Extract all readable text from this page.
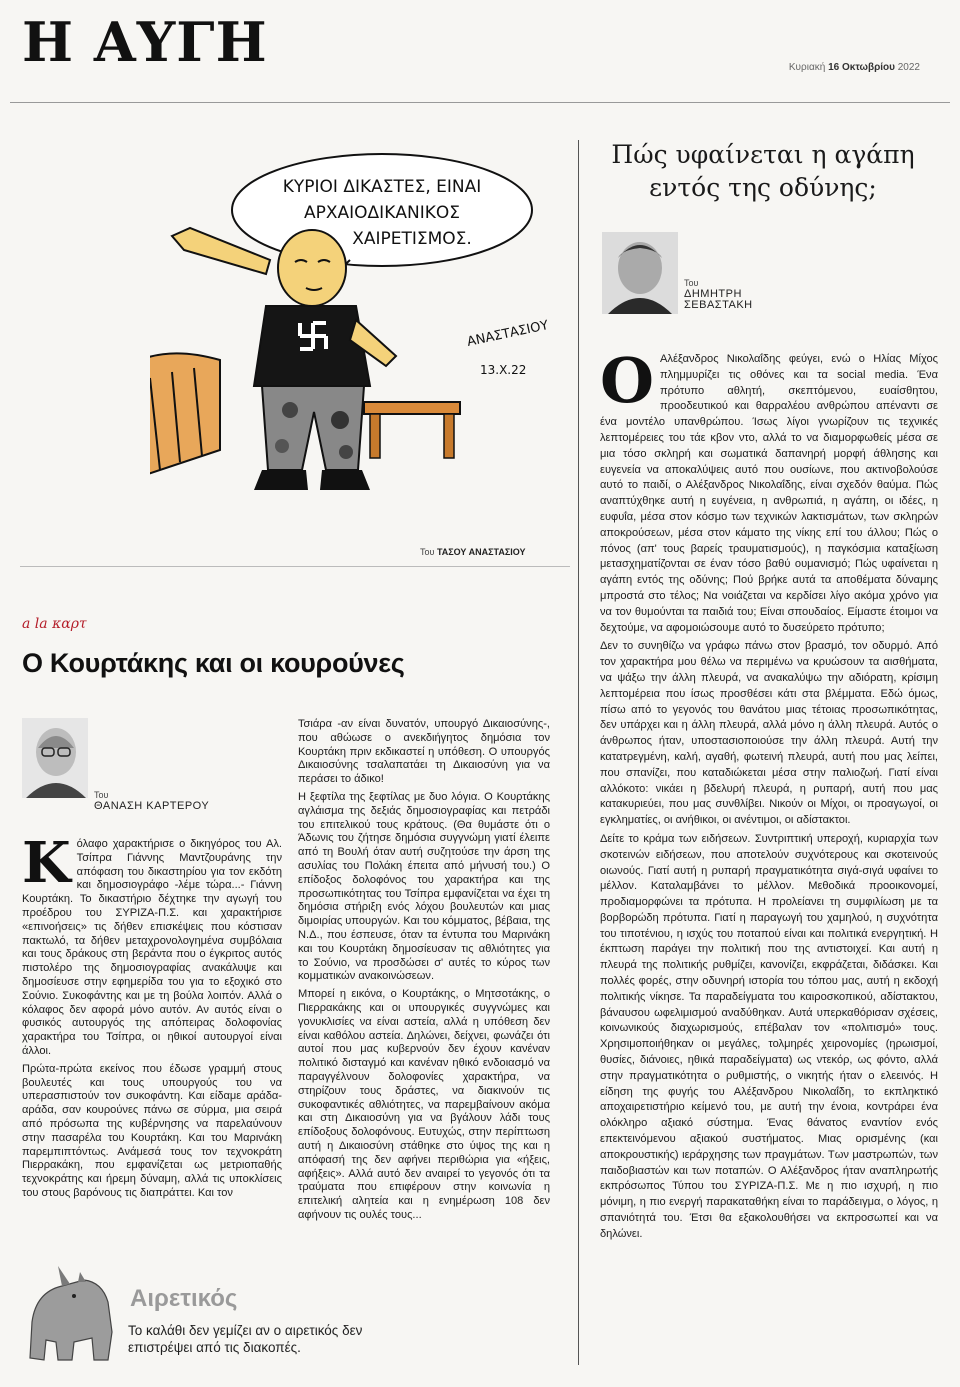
Η ΑΥΓΗ	Κυριακή 16 Οκτωβρίου 2022
ΚΥΡΙΟΙ ΔΙΚΑΣΤΕΣ, ΕΙΝΑΙ
ΑΡΧΑΙΟΔΙΚΑΝΙΚΟΣ
ΧΑΙΡΕΤΙΣΜΟΣ.
ΑΝΑΣΤΑΣΙΟΥ
13.X.22
Του ΤΑΣΟΥ ΑΝΑΣΤΑΣΙΟΥ
a la καρτ
Ο Κουρτάκης και οι κουρούνες
Του
ΘΑΝΑΣΗ ΚΑΡΤΕΡΟΥ

Κόλαφο χαρακτήρισε ο δικηγόρος του Αλ. Τσίπρα Γιάννης Μαντζουράνης την απόφαση του δικαστηρίου για τον εκδότη και δημοσιογράφο -λέμε τώρα...- Γιάννη Κουρτάκη. Το δικαστήριο δέχτηκε την αγωγή του προέδρου του ΣΥΡΙΖΑ-Π.Σ. και χαρακτήρισε «επινοήσεις» τις δήθεν επισκέψεις που κόστισαν πακτωλό, τα δήθεν μεταχρονολογημένα συμβόλαια και τους δράκους στη βεράντα που ο έγκριτος αυτός πιστολέρο της δημοσιογραφίας ανακάλυψε και δημοσίευσε στην εφημερίδα του για το εξοχικό στο Σούνιο. Συκοφάντης και με τη βούλα λοιπόν. Αλλά ο κόλαφος δεν αφορά μόνο αυτόν. Αν αυτός είναι ο φυσικός αυτουργός της απόπειρας δολοφονίας χαρακτήρα του Τσίπρα, οι ηθικοί αυτουργοί είναι άλλοι.

Πρώτα-πρώτα εκείνος που έδωσε γραμμή στους βουλευτές και τους υπουργούς του να υπερασπιστούν τον συκοφάντη. Και είδαμε αράδα-αράδα, σαν κουρούνες πάνω σε σύρμα, μια σειρά από πρόσωπα της κυβέρνησης να παρελαύνουν στην πασαρέλα του Κουρτάκη. Και του Μαρινάκη παρεμπιπτόντως. Ανάμεσά τους τον τεχνοκράτη Πιερρακάκη, που εμφανίζεται ως μετριοπαθής τεχνοκράτης και ήρεμη δύναμη, αλλά τις υποκλίσεις του στους βαρόνους τις διαπράττει. Και τον

Τσιάρα -αν είναι δυνατόν, υπουργό Δικαιοσύνης-, που αθώωσε ο ανεκδιήγητος δημόσια τον Κουρτάκη πριν εκδικαστεί η υπόθεση. Ο υπουργός Δικαιοσύνης τσαλαπατάει τη Δικαιοσύνη για να περάσει το άδικο!

Η ξεφτίλα της ξεφτίλας με δυο λόγια. Ο Κουρτάκης αγλάισμα της δεξιάς δημοσιογραφίας και πετράδι του επιτελικού τους κράτους. (Θα θυμάστε ότι ο Άδωνις του ζήτησε δημόσια συγγνώμη γιατί έλειπε από τη Βουλή όταν αυτή συζητούσε την άρση της ασυλίας του Πολάκη έπειτα από μήνυσή του.) Ο επίδοξος δολοφόνος του χαρακτήρα και της προσωπικότητας του Τσίπρα εμφανίζεται να έχει τη δημόσια στήριξη ενός λόχου βουλευτών και μιας διμοιρίας υπουργών. Και του κόμματος, βέβαια, της Ν.Δ., που έσπευσε, όταν τα έντυπα του Μαρινάκη και του Κουρτάκη δημοσίευσαν τις αθλιότητες για το Σούνιο, να προσδώσει σ' αυτές το κύρος των κομματικών ανακοινώσεων.

Μπορεί η εικόνα, ο Κουρτάκης, ο Μητσοτάκης, ο Πιερρακάκης και οι υπουργικές συγγνώμες και γονυκλισίες να είναι αστεία, αλλά η υπόθεση δεν είναι καθόλου αστεία. Δηλώνει, δείχνει, φωνάζει ότι αυτοί που μας κυβερνούν δεν έχουν κανέναν πολιτικό δισταγμό και κανέναν ηθικό ενδοιασμό να παραγγέλνουν δολοφονίες χαρακτήρα, να στηρίζουν τους δράστες, να διακινούν τις συκοφαντικές αθλιότητες, να παρεμβαίνουν ακόμα και στη Δικαιοσύνη για να βγάλουν λάδι τους επίδοξους δολοφόνους. Ευτυχώς, στην περίπτωση αυτή η Δικαιοσύνη στάθηκε στο ύψος της και η απόφασή της δεν αφήνει περιθώρια για «ήξεις, αφήξεις». Αλλά αυτό δεν αναιρεί το γεγονός ότι τα τραύματα που επιφέρουν στην κοινωνία η επιτελική αλητεία και η ενημέρωση 108 δεν αφήνουν τις ουλές τους...

Αιρετικός
Το καλάθι δεν γεμίζει αν ο αιρετικός δεν επιστρέψει από τις διακοπές.
Πώς υφαίνεται η αγάπη εντός της οδύνης;
Του
ΔΗΜΗΤΡΗ
ΣΕΒΑΣΤΑΚΗ

Ο Αλέξανδρος Νικολαΐδης φεύγει, ενώ ο Ηλίας Μίχος πλημμυρίζει τις οθόνες και τα social media. Ένα πρότυπο αθλητή, σκεπτόμενου, ευαίσθητου, προοδευτικού και θαρραλέου ανθρώπου απέναντι σε ένα μοντέλο υπανθρώπου. Ίσως λίγοι γνωρίζουν τις τεχνικές λεπτομέρειες του τάε κβον ντο, αλλά το να διαμορφωθείς μέσα σε μια τόσο σκληρή και σωματικά δαπανηρή μορφή άθλησης και ευγενεία να αποκαλύψεις αυτό που ουσίωνε, που ακτινοβολούσε αυτό το παιδί, ο Αλέξανδρος Νικολαΐδης, είναι σχεδόν θαύμα. Πώς αναπτύχθηκε αυτή η ευγένεια, η ανθρωπιά, η αγάπη, οι ιδέες, η ευφυΐα, μέσα στον κόσμο των τεχνικών λακτισμάτων, των σκληρών αποκρούσεων, μέσα στον κάματο της νίκης επί του άλλου; Πώς ο πόνος (απ' τους βαρείς τραυματισμούς), η παγκόσμια καταξίωση μετασχηματίζονται σε έναν τόσο βαθύ ουμανισμό; Πώς υφαίνεται η αγάπη εντός της οδύνης; Πού βρήκε αυτά τα αποθέματα δύναμης μπροστά στο τέλος; Να νοιάζεται να κερδίσει λίγο ακόμα χρόνο για να τον θυμούνται τα παιδιά του; Είναι σπουδαίος. Είμαστε έτοιμοι να δεχτούμε, να αφομοιώσουμε αυτό το δυσεύρετο πρότυπο;

Δεν το συνηθίζω να γράφω πάνω στον βρασμό, τον οδυρμό. Από τον χαρακτήρα μου θέλω να περιμένω να κρυώσουν τα αισθήματα, να ψάξω την άλλη πλευρά, να ανακαλύψω την αδιόρατη, κρίσιμη λεπτομέρεια που ίσως προσθέσει κάτι στα βλέμματα. Εδώ όμως, πίσω από το γεγονός του θανάτου μιας τέτοιας προσωπικότητας, δεν υπάρχει και η άλλη πλευρά, αλλά μόνο η άλλη πλευρά. Αυτός ο άνθρωπος ήταν, υποστασιοποιούσε την άλλη πλευρά. Αυτή την κατατρεγμένη, καλή, αγαθή, φωτεινή πλευρά, αυτή που μας λείπει, που σπανίζει, που καταδιώκεται μέσα στην παλιοζωή. Γιατί είναι αλλόκοτο: νικάει η βδελυρή πλευρά, η ρυπαρή, αυτή που μας κατακυριεύει, που μας συνθλίβει. Νικούν οι Μίχοι, οι προαγωγοί, οι εγκληματίες, οι ανήθικοι, οι ανέντιμοι, οι αδίστακτοι.

Δείτε το κράμα των ειδήσεων. Συντριπτική υπεροχή, κυριαρχία των σκοτεινών ειδήσεων, που αποτελούν συχνότερους και σκοτεινούς οιωνούς. Γιατί αυτή η ρυπαρή πραγματικότητα σιγά-σιγά υφαίνει το μέλλον. Καταλαμβάνει το μέλλον. Μεθοδικά προοικονομεί, προδιαμορφώνει τα πρότυπα. Η προλείανει τη συμφιλίωση με τα βορβορώδη πρότυπα. Γιατί η παραγωγή του χαμηλού, η συχνότητα του τιποτένιου, η ισχύς του ποταπού είναι και πολιτικά ενεργητική. Η έκπτωση παράγει την πολιτική που της αντιστοιχεί. Και αυτή η πλευρά της πολιτικής ρυθμίζει, κανονίζει, εκφράζεται, διδάσκει. Και πολλές φορές, στην οδυνηρή ιστορία του τόπου μας, αυτή η εκδοχή πολιτικής νίκησε. Τα παραδείγματα του καιροσκοπικού, αδίστακτου, βάναυσου ωφελιμισμού αναδύθηκαν. Αυτά υπερκαθόρισαν σχέσεις, κοινωνικούς διαχωρισμούς, επέβαλαν τον «πολιτισμό» τους. Χρησιμοποιήθηκαν οι μεγάλες, τολμηρές χειρονομίες (ηρωισμοί, θυσίες, διάνοιες, ηθικά παραδείγματα) ως ντεκόρ, ως φόντο, αλλά στην πραγματικότητα ο ρυθμιστής, ο νικητής ήταν ο ελεεινός. Η είδηση της φυγής του Αλέξανδρου Νικολαΐδη, το εκπληκτικό αποχαιρετιστήριο κείμενό του, με αυτή την ένοια, κοντράρει ένα ολόκληρο αξιακό σύστημα. Ένας θάνατος εναντίον ενός επεκτεινόμενου αξιακού συστήματος. Μιας ορισμένης (και αποκρουστικής) ιεράρχησης των πραγμάτων. Των μαστρωπών, των παιδοβιαστών και των ποταπών. Ο Αλέξανδρος ήταν αναπληρωτής εκπρόσωπος Τύπου του ΣΥΡΙΖΑ-Π.Σ. Με η πιο ισχυρή, η πιο μόνιμη, η πιο ενεργή παρακαταθήκη είναι το παράδειγμα, ο λόγος, η σπανιότητά του. Έτσι θα εξακολουθήσει να εκπροσωπεί και να δηλώνει.
